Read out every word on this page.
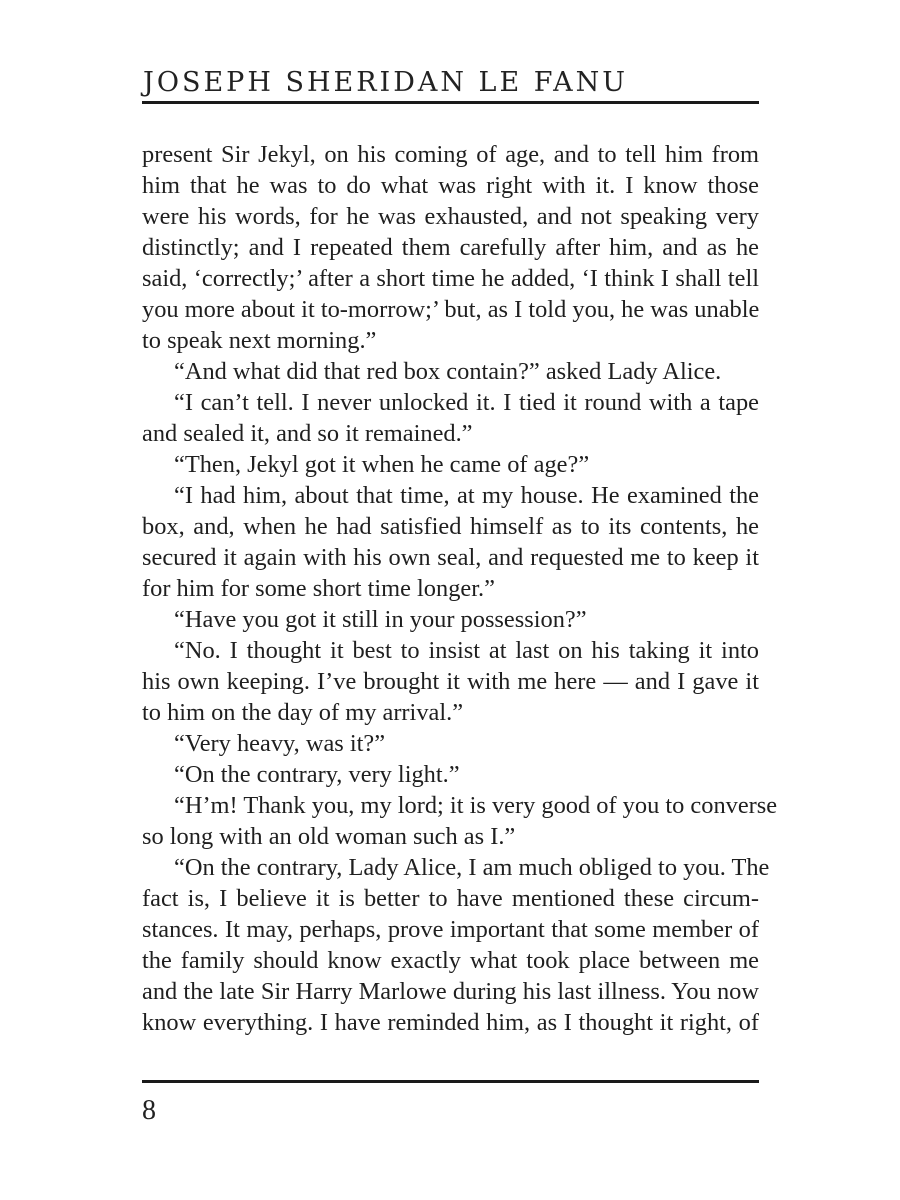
JOSEPH SHERIDAN LE FANU
present Sir Jekyl, on his coming of age, and to tell him from
him that he was to do what was right with it. I know those
were his words, for he was exhausted, and not speaking very
distinctly; and I repeated them carefully after him, and as he
said, ‘correctly;’ after a short time he added, ‘I think I shall tell
you more about it to-morrow;’ but, as I told you, he was unable
to speak next morning.”
“And what did that red box contain?” asked Lady Alice.
“I can’t tell. I never unlocked it. I tied it round with a tape
and sealed it, and so it remained.”
“Then, Jekyl got it when he came of age?”
“I had him, about that time, at my house. He examined the
box, and, when he had satisfied himself as to its contents, he
secured it again with his own seal, and requested me to keep it
for him for some short time longer.”
“Have you got it still in your possession?”
“No. I thought it best to insist at last on his taking it into
his own keeping. I’ve brought it with me here — and I gave it
to him on the day of my arrival.”
“Very heavy, was it?”
“On the contrary, very light.”
“H’m! Thank you, my lord; it is very good of you to converse
so long with an old woman such as I.”
“On the contrary, Lady Alice, I am much obliged to you. The
fact is, I believe it is better to have mentioned these circum-
stances. It may, perhaps, prove important that some member of
the family should know exactly what took place between me
and the late Sir Harry Marlowe during his last illness. You now
know everything. I have reminded him, as I thought it right, of
8
